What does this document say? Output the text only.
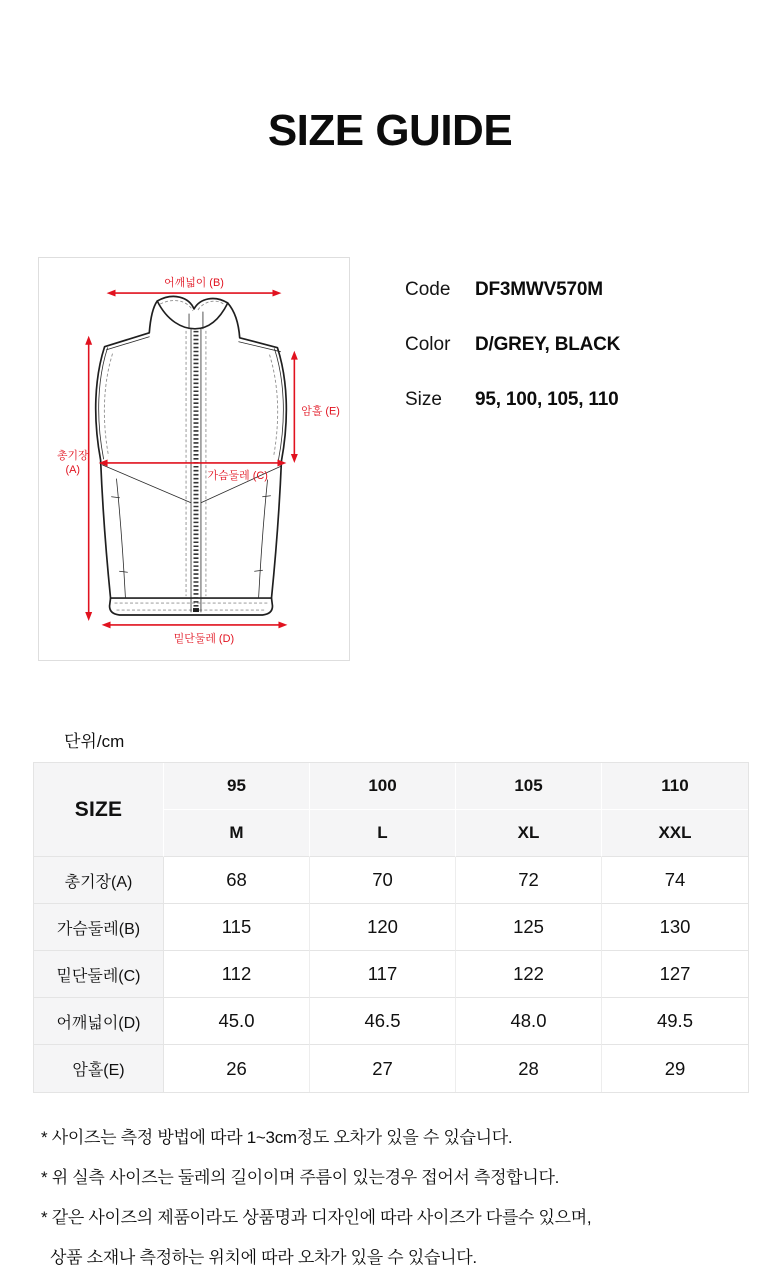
SIZE GUIDE
어깨넓이 (B)
총기장
(A)
암홀 (E)
가슴둘레 (C)
밑단둘레 (D)
Code	DF3MWV570M
Color	D/GREY, BLACK
Size	95, 100, 105, 110
단위/cm
SIZE	95	100	105	110
	M	L	XL	XXL
총기장(A)	68	70	72	74
가슴둘레(B)	115	120	125	130
밑단둘레(C)	112	117	122	127
어깨넓이(D)	45.0	46.5	48.0	49.5
암홀(E)	26	27	28	29
* 사이즈는 측정 방법에 따라 1~3cm정도 오차가 있을 수 있습니다.
* 위 실측 사이즈는 둘레의 길이이며 주름이 있는경우 접어서 측정합니다.
* 같은 사이즈의 제품이라도 상품명과 디자인에 따라 사이즈가 다를수 있으며,
상품 소재나 측정하는 위치에 따라 오차가 있을 수 있습니다.
